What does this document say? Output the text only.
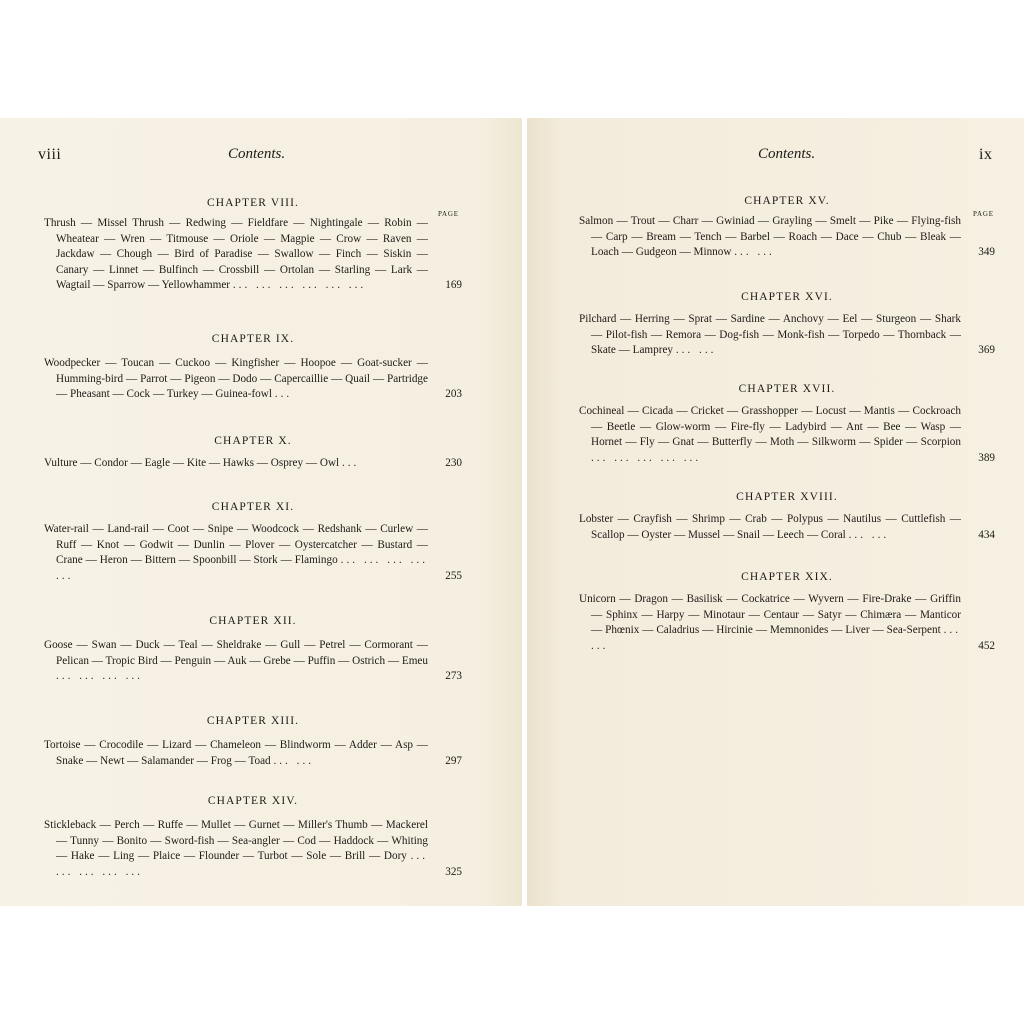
viii	Contents.
PAGE
CHAPTER VIII.
Thrush — Missel Thrush — Redwing — Fieldfare — Nightingale — Robin — Wheatear — Wren — Titmouse — Oriole — Magpie — Crow — Raven — Jackdaw — Chough — Bird of Paradise — Swallow — Finch — Siskin — Canary — Linnet — Bulfinch — Crossbill — Ortolan — Starling — Lark — Wagtail — Sparrow — Yellowhammer ... ... ... ... ... ...	169
CHAPTER IX.
Woodpecker — Toucan — Cuckoo — Kingfisher — Hoopoe — Goat-sucker — Humming-bird — Parrot — Pigeon — Dodo — Capercaillie — Quail — Partridge — Pheasant — Cock — Turkey — Guinea-fowl ...	203
CHAPTER X.
Vulture — Condor — Eagle — Kite — Hawks — Osprey — Owl ...	230
CHAPTER XI.
Water-rail — Land-rail — Coot — Snipe — Woodcock — Redshank — Curlew — Ruff — Knot — Godwit — Dunlin — Plover — Oystercatcher — Bustard — Crane — Heron — Bittern — Spoonbill — Stork — Flamingo ... ... ... ... ...	255
CHAPTER XII.
Goose — Swan — Duck — Teal — Sheldrake — Gull — Petrel — Cormorant — Pelican — Tropic Bird — Penguin — Auk — Grebe — Puffin — Ostrich — Emeu ... ... ... ...	273
CHAPTER XIII.
Tortoise — Crocodile — Lizard — Chameleon — Blindworm — Adder — Asp — Snake — Newt — Salamander — Frog — Toad ... ...	297
CHAPTER XIV.
Stickleback — Perch — Ruffe — Mullet — Gurnet — Miller's Thumb — Mackerel — Tunny — Bonito — Sword-fish — Sea-angler — Cod — Haddock — Whiting — Hake — Ling — Plaice — Flounder — Turbot — Sole — Brill — Dory ... ... ... ... ...	325
Contents.	ix
PAGE
CHAPTER XV.
Salmon — Trout — Charr — Gwiniad — Grayling — Smelt — Pike — Flying-fish — Carp — Bream — Tench — Barbel — Roach — Dace — Chub — Bleak — Loach — Gudgeon — Minnow ... ...	349
CHAPTER XVI.
Pilchard — Herring — Sprat — Sardine — Anchovy — Eel — Sturgeon — Shark — Pilot-fish — Remora — Dog-fish — Monk-fish — Torpedo — Thornback — Skate — Lamprey ... ...	369
CHAPTER XVII.
Cochineal — Cicada — Cricket — Grasshopper — Locust — Mantis — Cockroach — Beetle — Glow-worm — Fire-fly — Ladybird — Ant — Bee — Wasp — Hornet — Fly — Gnat — Butterfly — Moth — Silkworm — Spider — Scorpion ... ... ... ... ...	389
CHAPTER XVIII.
Lobster — Crayfish — Shrimp — Crab — Polypus — Nautilus — Cuttlefish — Scallop — Oyster — Mussel — Snail — Leech — Coral ... ...	434
CHAPTER XIX.
Unicorn — Dragon — Basilisk — Cockatrice — Wyvern — Fire-Drake — Griffin — Sphinx — Harpy — Minotaur — Centaur — Satyr — Chimæra — Manticor — Phœnix — Caladrius — Hircinie — Memnonides — Liver — Sea-Serpent ... ...	452
